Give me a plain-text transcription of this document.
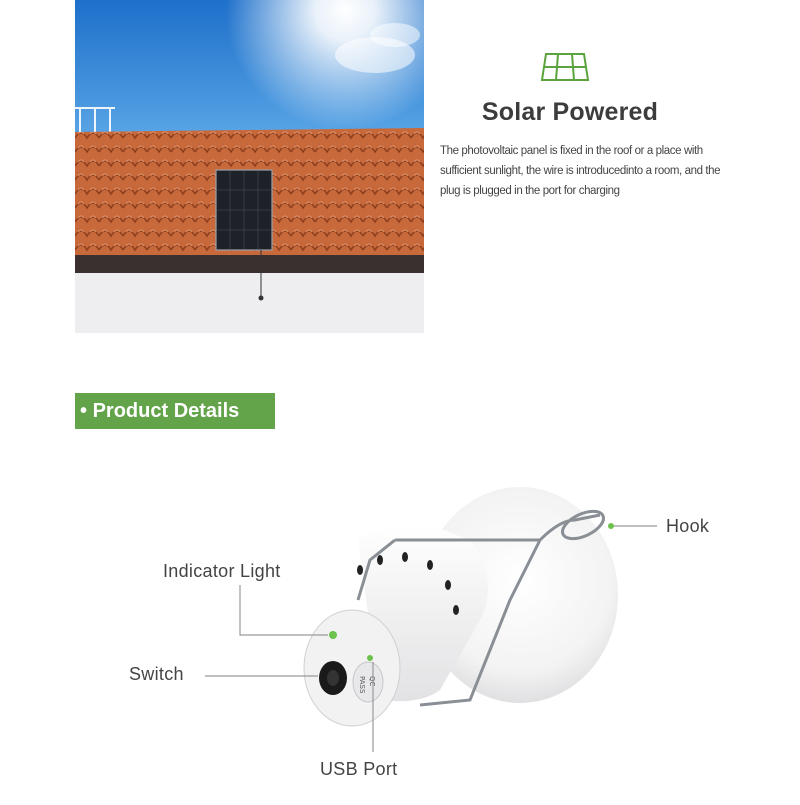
Solar Powered
The photovoltaic panel is fixed in the roof or a place with sufficient sunlight, the wire is introducedinto a room, and the plug is plugged in the port for charging
• Product Details
PASS QC
Hook
Indicator Light
Switch
USB Port
